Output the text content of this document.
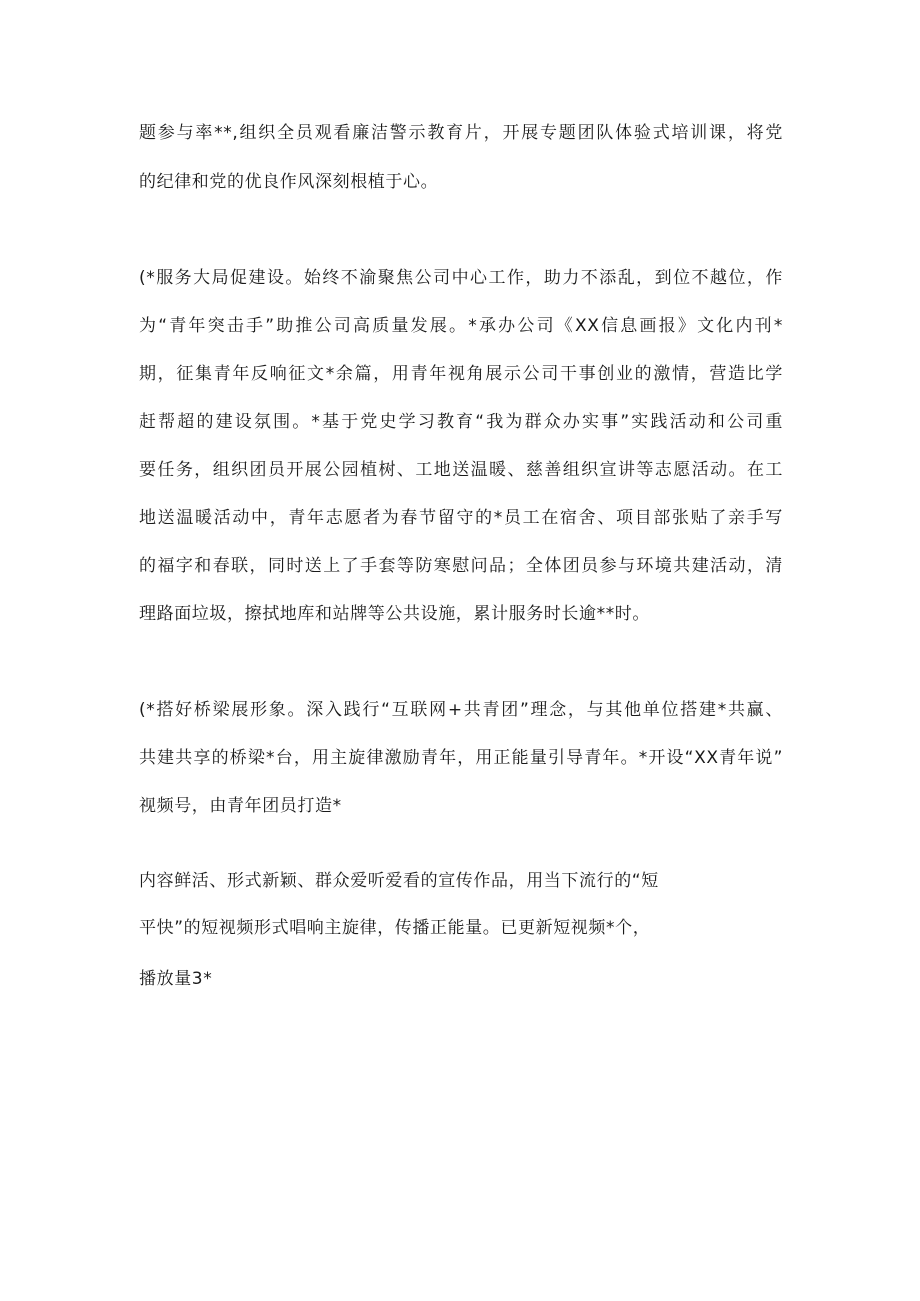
题参与率**,组织全员观看廉洁警示教育片，开展专题团队体验式培训课，将党
的纪律和党的优良作风深刻根植于心。
(*服务大局促建设。始终不渝聚焦公司中心工作，助力不添乱，到位不越位，作
为“青年突击手”助推公司高质量发展。*承办公司《XX信息画报》文化内刊*
期，征集青年反响征文*余篇，用青年视角展示公司干事创业的激情，营造比学
赶帮超的建设氛围。*基于党史学习教育“我为群众办实事”实践活动和公司重
要任务，组织团员开展公园植树、工地送温暖、慈善组织宣讲等志愿活动。在工
地送温暖活动中，青年志愿者为春节留守的*员工在宿舍、项目部张贴了亲手写
的福字和春联，同时送上了手套等防寒慰问品；全体团员参与环境共建活动，清
理路面垃圾，擦拭地库和站牌等公共设施，累计服务时长逾**时。
(*搭好桥梁展形象。深入践行“互联网+共青团”理念，与其他单位搭建*共赢、
共建共享的桥梁*台，用主旋律激励青年，用正能量引导青年。*开设“XX青年说”
视频号，由青年团员打造*
内容鲜活、形式新颖、群众爱听爱看的宣传作品，用当下流行的“短
平快”的短视频形式唱响主旋律，传播正能量。已更新短视频*个，
播放量3*
